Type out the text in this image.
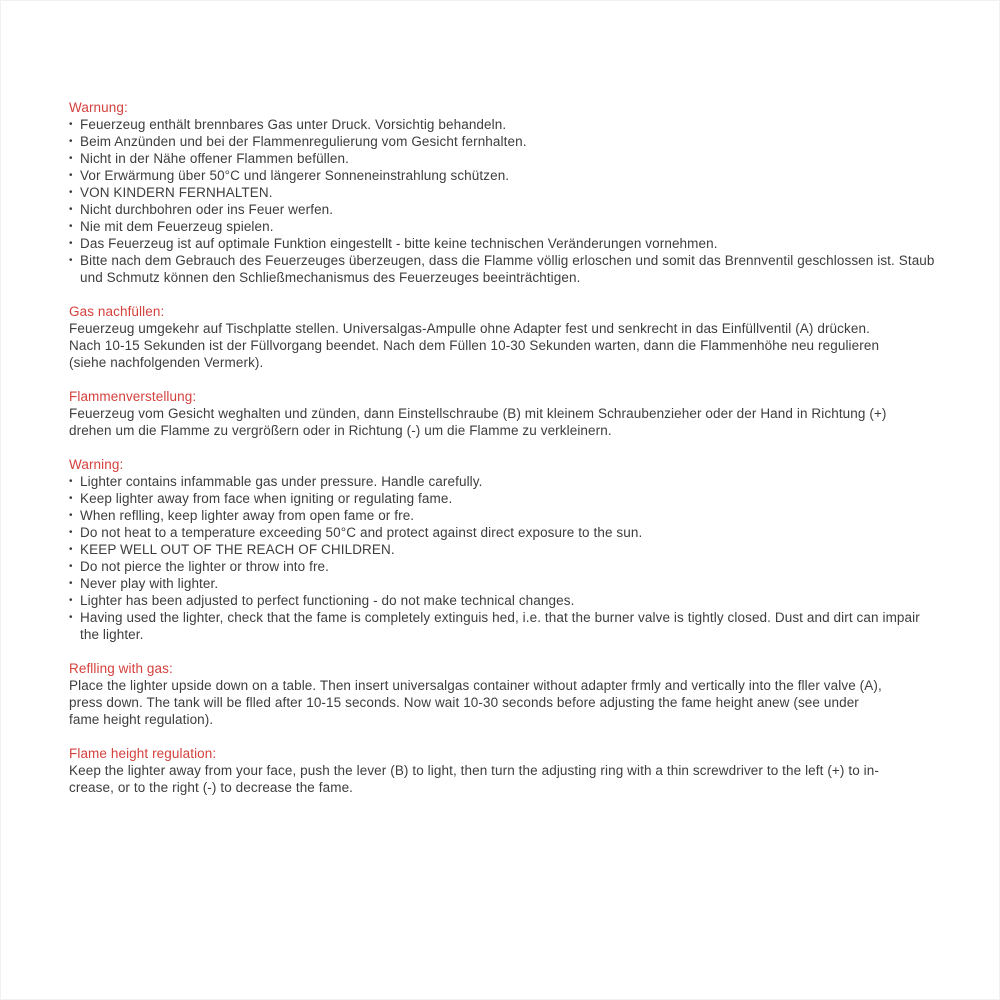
Warnung:
• Feuerzeug enthält brennbares Gas unter Druck. Vorsichtig behandeln.
• Beim Anzünden und bei der Flammenregulierung vom Gesicht fernhalten.
• Nicht in der Nähe offener Flammen befüllen.
• Vor Erwärmung über 50°C und längerer Sonneneinstrahlung schützen.
• VON KINDERN FERNHALTEN.
• Nicht durchbohren oder ins Feuer werfen.
• Nie mit dem Feuerzeug spielen.
• Das Feuerzeug ist auf optimale Funktion eingestellt - bitte keine technischen Veränderungen vornehmen.
• Bitte nach dem Gebrauch des Feuerzeuges überzeugen, dass die Flamme völlig erloschen und somit das Brennventil geschlossen ist. Staub und Schmutz können den Schließmechanismus des Feuerzeuges beeinträchtigen.
Gas nachfüllen:
Feuerzeug umgekehr auf Tischplatte stellen. Universalgas-Ampulle ohne Adapter fest und senkrecht in das Einfüllventil (A) drücken.
Nach 10-15 Sekunden ist der Füllvorgang beendet. Nach dem Füllen 10-30 Sekunden warten, dann die Flammenhöhe neu regulieren
(siehe nachfolgenden Vermerk).
Flammenverstellung:
Feuerzeug vom Gesicht weghalten und zünden, dann Einstellschraube (B) mit kleinem Schraubenzieher oder der Hand in Richtung (+)
drehen um die Flamme zu vergrößern oder in Richtung (-) um die Flamme zu verkleinern.
Warning:
• Lighter contains infammable gas under pressure. Handle carefully.
• Keep lighter away from face when igniting or regulating fame.
• When reflling, keep lighter away from open fame or fre.
• Do not heat to a temperature exceeding 50°C and protect against direct exposure to the sun.
• KEEP WELL OUT OF THE REACH OF CHILDREN.
• Do not pierce the lighter or throw into fre.
• Never play with lighter.
• Lighter has been adjusted to perfect functioning - do not make technical changes.
• Having used the lighter, check that the fame is completely extinguis hed, i.e. that the burner valve is tightly closed. Dust and dirt can impair the lighter.
Reflling with gas:
Place the lighter upside down on a table. Then insert universalgas container without adapter frmly and vertically into the fller valve (A),
press down. The tank will be flled after 10-15 seconds. Now wait 10-30 seconds before adjusting the fame height anew (see under
fame height regulation).
Flame height regulation:
Keep the lighter away from your face, push the lever (B) to light, then turn the adjusting ring with a thin screwdriver to the left (+) to in-
crease, or to the right (-) to decrease the fame.
